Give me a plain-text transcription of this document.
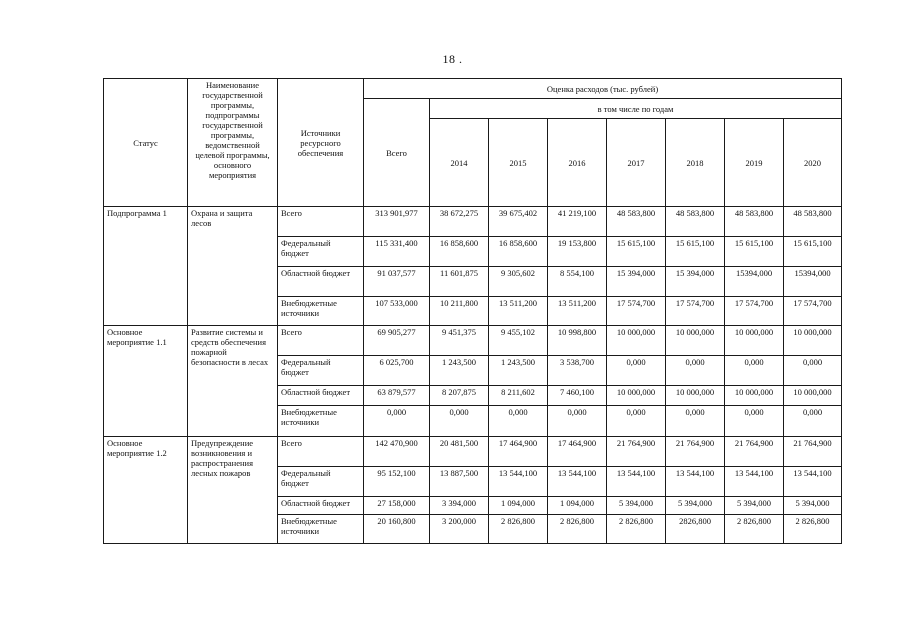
18 .
Статус	Наименование государственной программы, подпрограммы государственной программы, ведомственной целевой программы, основного мероприятия	Источники ресурсного обеспечения	Оценка расходов (тыс. рублей)							
			Всего	в том числе по годам						
				2014	2015	2016	2017	2018	2019	2020
Подпрограмма 1	Охрана и защита лесов	Всего	313 901,977	38 672,275	39 675,402	41 219,100	48 583,800	48 583,800	48 583,800	48 583,800
		Федеральный бюджет	115 331,400	16 858,600	16 858,600	19 153,800	15 615,100	15 615,100	15 615,100	15 615,100
		Областной бюджет	91 037,577	11 601,875	9 305,602	8 554,100	15 394,000	15 394,000	15394,000	15394,000
		Внебюджетные источники	107 533,000	10 211,800	13 511,200	13 511,200	17 574,700	17 574,700	17 574,700	17 574,700
Основное мероприятие 1.1	Развитие системы и средств обеспечения пожарной безопасности в лесах	Всего	69 905,277	9 451,375	9 455,102	10 998,800	10 000,000	10 000,000	10 000,000	10 000,000
		Федеральный бюджет	6 025,700	1 243,500	1 243,500	3 538,700	0,000	0,000	0,000	0,000
		Областной бюджет	63 879,577	8 207,875	8 211,602	7 460,100	10 000,000	10 000,000	10 000,000	10 000,000
		Внебюджетные источники	0,000	0,000	0,000	0,000	0,000	0,000	0,000	0,000
Основное мероприятие 1.2	Предупреждение возникновения и распространения лесных пожаров	Всего	142 470,900	20 481,500	17 464,900	17 464,900	21 764,900	21 764,900	21 764,900	21 764,900
		Федеральный бюджет	95 152,100	13 887,500	13 544,100	13 544,100	13 544,100	13 544,100	13 544,100	13 544,100
		Областной бюджет	27 158,000	3 394,000	1 094,000	1 094,000	5 394,000	5 394,000	5 394,000	5 394,000
		Внебюджетные источники	20 160,800	3 200,000	2 826,800	2 826,800	2 826,800	2826,800	2 826,800	2 826,800
